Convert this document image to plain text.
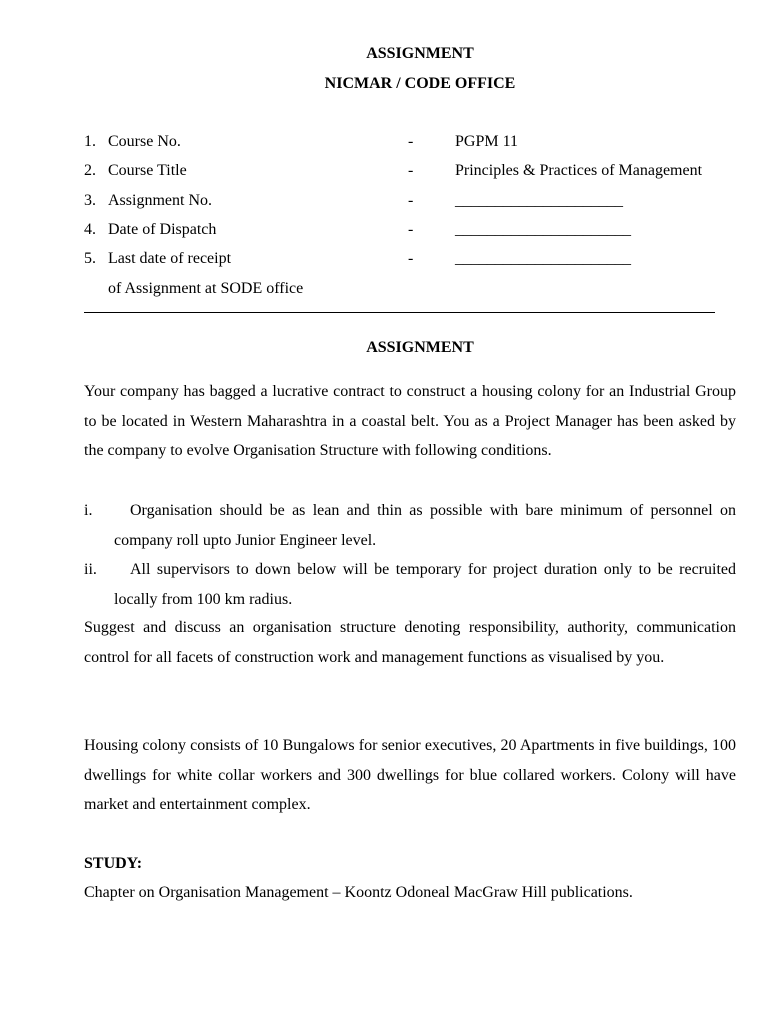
ASSIGNMENT
NICMAR / CODE OFFICE
1. Course No.	-	PGPM 11
2. Course Title	-	Principles & Practices of Management
3. Assignment No.	-	_____________________
4. Date of Dispatch	-	______________________
5. Last date of receipt	-	______________________
of Assignment at SODE office
ASSIGNMENT
Your company has bagged a lucrative contract to construct a housing colony for an Industrial Group to be located in Western Maharashtra in a coastal belt. You as a Project Manager has been asked by the company to evolve Organisation Structure with following conditions.
i.	Organisation should be as lean and thin as possible with bare minimum of personnel on company roll upto Junior Engineer level.
ii.	All supervisors to down below will be temporary for project duration only to be recruited locally from 100 km radius.
Suggest and discuss an organisation structure denoting responsibility, authority, communication control for all facets of construction work and management functions as visualised by you.
Housing colony consists of 10 Bungalows for senior executives, 20 Apartments in five buildings, 100 dwellings for white collar workers and 300 dwellings for blue collared workers. Colony will have market and entertainment complex.
STUDY:
Chapter on Organisation Management – Koontz Odoneal MacGraw Hill publications.
